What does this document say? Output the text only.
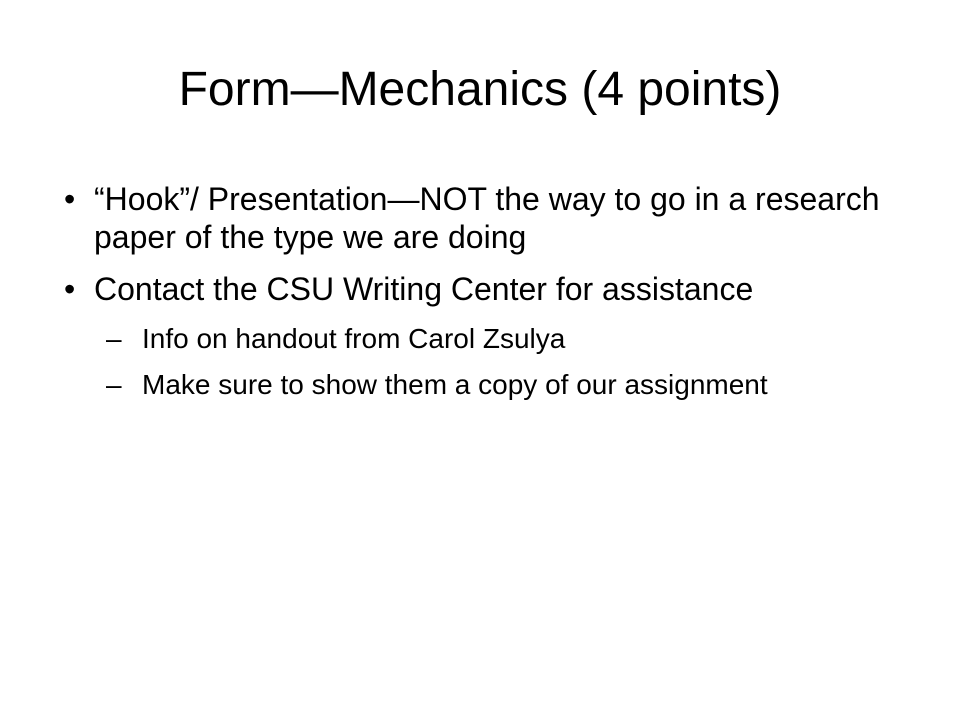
Form—Mechanics (4 points)
• “Hook”/ Presentation—NOT the way to go in a research paper of the type we are doing
• Contact the CSU Writing Center for assistance
– Info on handout from Carol Zsulya
– Make sure to show them a copy of our assignment
